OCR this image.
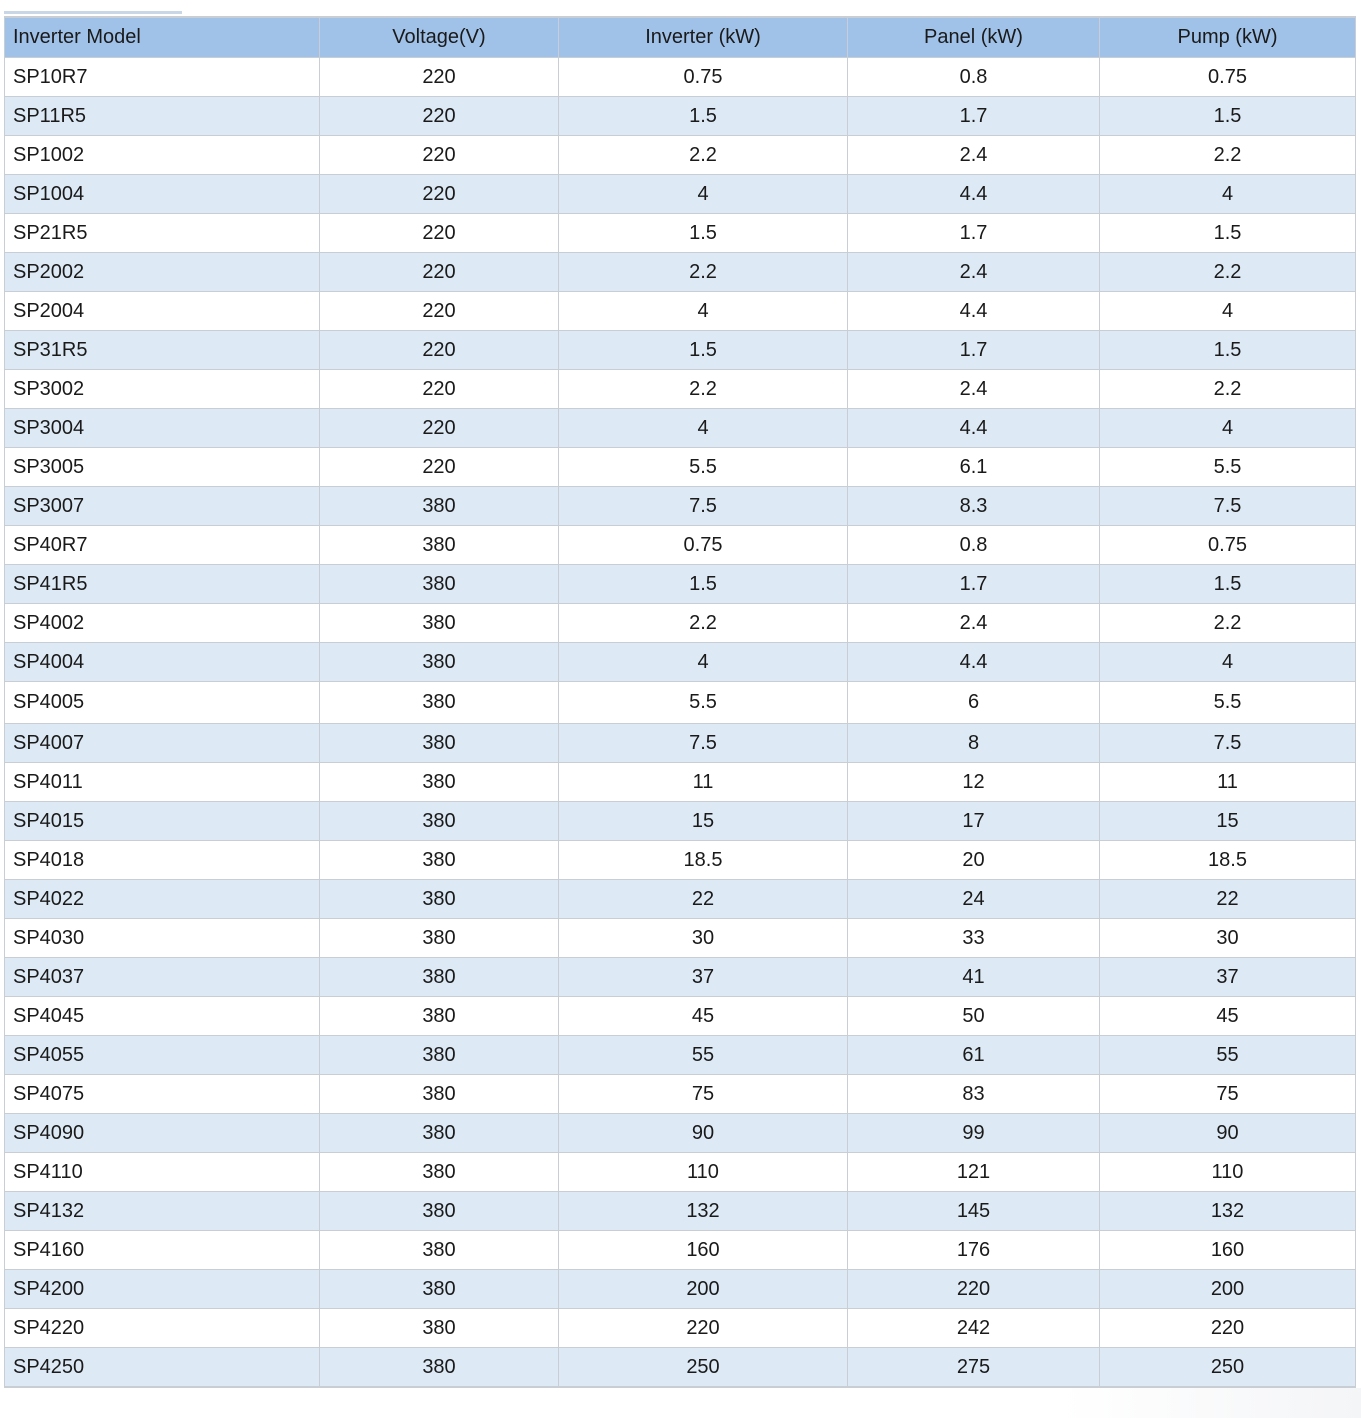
Inverter Model	Voltage(V)	Inverter (kW)	Panel (kW)	Pump (kW)
SP10R7	220	0.75	0.8	0.75
SP11R5	220	1.5	1.7	1.5
SP1002	220	2.2	2.4	2.2
SP1004	220	4	4.4	4
SP21R5	220	1.5	1.7	1.5
SP2002	220	2.2	2.4	2.2
SP2004	220	4	4.4	4
SP31R5	220	1.5	1.7	1.5
SP3002	220	2.2	2.4	2.2
SP3004	220	4	4.4	4
SP3005	220	5.5	6.1	5.5
SP3007	380	7.5	8.3	7.5
SP40R7	380	0.75	0.8	0.75
SP41R5	380	1.5	1.7	1.5
SP4002	380	2.2	2.4	2.2
SP4004	380	4	4.4	4
SP4005	380	5.5	6	5.5
SP4007	380	7.5	8	7.5
SP4011	380	11	12	11
SP4015	380	15	17	15
SP4018	380	18.5	20	18.5
SP4022	380	22	24	22
SP4030	380	30	33	30
SP4037	380	37	41	37
SP4045	380	45	50	45
SP4055	380	55	61	55
SP4075	380	75	83	75
SP4090	380	90	99	90
SP4110	380	110	121	110
SP4132	380	132	145	132
SP4160	380	160	176	160
SP4200	380	200	220	200
SP4220	380	220	242	220
SP4250	380	250	275	250
